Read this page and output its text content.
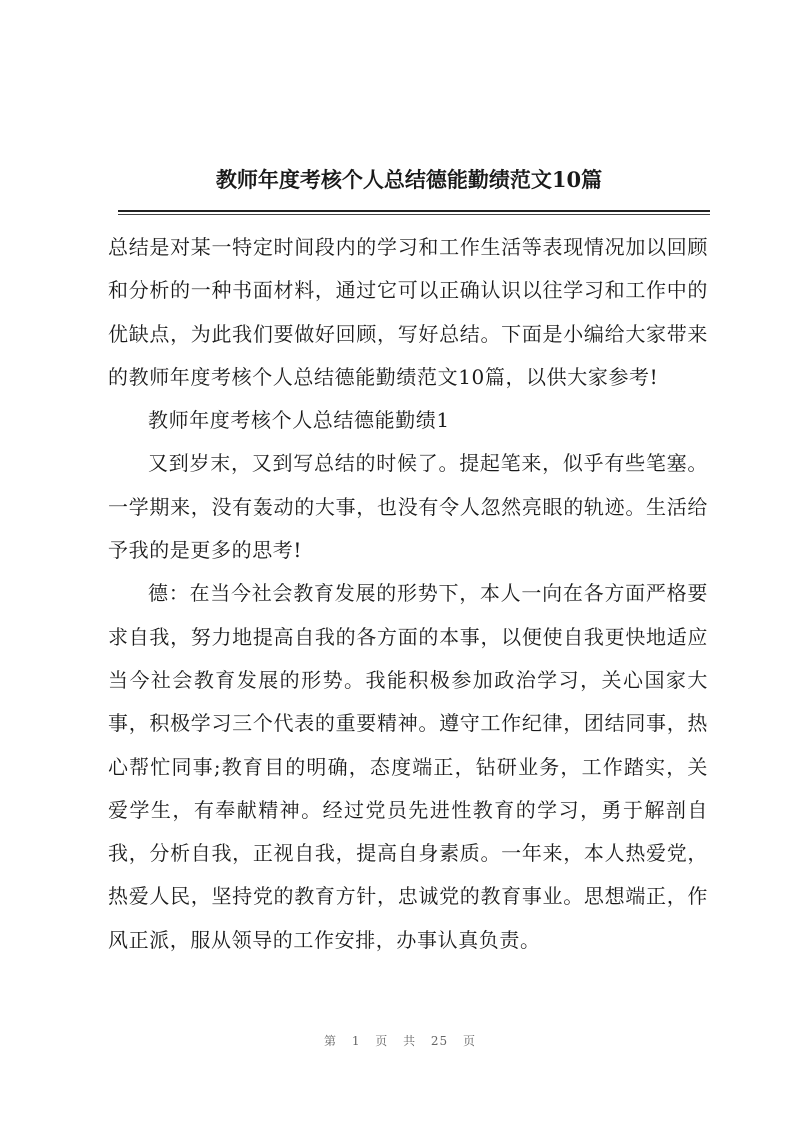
教师年度考核个人总结德能勤绩范文10篇

总结是对某一特定时间段内的学习和工作生活等表现情况加以回顾和分析的一种书面材料，通过它可以正确认识以往学习和工作中的优缺点，为此我们要做好回顾，写好总结。下面是小编给大家带来的教师年度考核个人总结德能勤绩范文10篇，以供大家参考!

教师年度考核个人总结德能勤绩1

又到岁末，又到写总结的时候了。提起笔来，似乎有些笔塞。一学期来，没有轰动的大事，也没有令人忽然亮眼的轨迹。生活给予我的是更多的思考!

德：在当今社会教育发展的形势下，本人一向在各方面严格要求自我，努力地提高自我的各方面的本事，以便使自我更快地适应当今社会教育发展的形势。我能积极参加政治学习，关心国家大事，积极学习三个代表的重要精神。遵守工作纪律，团结同事，热心帮忙同事;教育目的明确，态度端正，钻研业务，工作踏实，关爱学生，有奉献精神。经过党员先进性教育的学习，勇于解剖自我，分析自我，正视自我，提高自身素质。一年来，本人热爱党，热爱人民，坚持党的教育方针，忠诚党的教育事业。思想端正，作风正派，服从领导的工作安排，办事认真负责。

第 1 页 共 25 页
